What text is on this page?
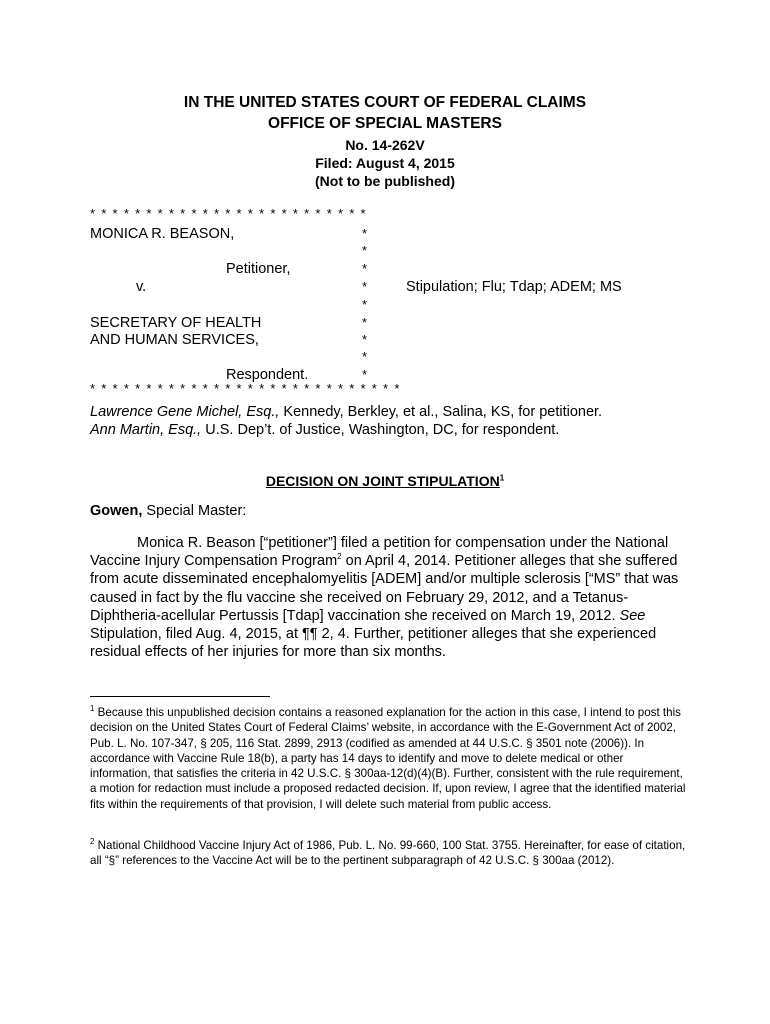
IN THE UNITED STATES COURT OF FEDERAL CLAIMS
OFFICE OF SPECIAL MASTERS
No. 14-262V
Filed: August 4, 2015
(Not to be published)
* * * * * * * * * * * * * * * * * * * * * * * * *
MONICA R. BEASON,
Petitioner,
v.
SECRETARY OF HEALTH
AND HUMAN SERVICES,
Respondent.
Stipulation; Flu; Tdap; ADEM; MS
*
*
*
*
*
*
*
*
*
* * * * * * * * * * * * * * * * * * * * * * * * * * * *
Lawrence Gene Michel, Esq., Kennedy, Berkley, et al., Salina, KS, for petitioner.
Ann Martin, Esq., U.S. Dep’t. of Justice, Washington, DC, for respondent.
DECISION ON JOINT STIPULATION$^1$
Gowen, Special Master:
Monica R. Beason [“petitioner”] filed a petition for compensation under the National Vaccine Injury Compensation Program$^2$ on April 4, 2014. Petitioner alleges that she suffered from acute disseminated encephalomyelitis [ADEM] and/or multiple sclerosis [“MS” that was caused in fact by the flu vaccine she received on February 29, 2012, and a Tetanus-Diphtheria-acellular Pertussis [Tdap] vaccination she received on March 19, 2012. See Stipulation, filed Aug. 4, 2015, at ¶¶ 2, 4. Further, petitioner alleges that she experienced residual effects of her injuries for more than six months.
$^1$ Because this unpublished decision contains a reasoned explanation for the action in this case, I intend to post this decision on the United States Court of Federal Claims’ website, in accordance with the E-Government Act of 2002, Pub. L. No. 107-347, § 205, 116 Stat. 2899, 2913 (codified as amended at 44 U.S.C. § 3501 note (2006)). In accordance with Vaccine Rule 18(b), a party has 14 days to identify and move to delete medical or other information, that satisfies the criteria in 42 U.S.C. § 300aa-12(d)(4)(B). Further, consistent with the rule requirement, a motion for redaction must include a proposed redacted decision. If, upon review, I agree that the identified material fits within the requirements of that provision, I will delete such material from public access.
$^2$ National Childhood Vaccine Injury Act of 1986, Pub. L. No. 99-660, 100 Stat. 3755. Hereinafter, for ease of citation, all “§” references to the Vaccine Act will be to the pertinent subparagraph of 42 U.S.C. § 300aa (2012).
